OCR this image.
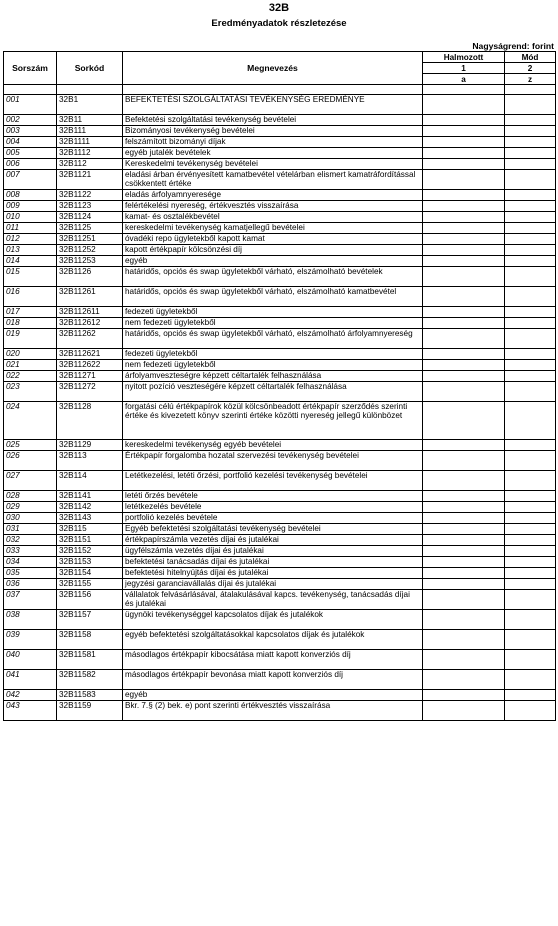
32B
Eredményadatok részletezése
Nagyságrend: forint
Sorszám	Sorkód	Megnevezés	Halmozott	Mód
			1	2
			a	z

001	32B1	BEFEKTETÉSI SZOLGÁLTATÁSI TEVÉKENYSÉG EREDMÉNYE		
002	32B11	Befektetési szolgáltatási tevékenység bevételei		
003	32B111	Bizományosi tevékenység bevételei		
004	32B1111	felszámított bizományi díjak		
005	32B1112	egyéb jutalék bevételek		
006	32B112	Kereskedelmi tevékenység bevételei		
007	32B1121	eladási árban érvényesített kamatbevétel vételárban elismert kamatráfordítással csökkentett értéke		
008	32B1122	eladás árfolyamnyeresége		
009	32B1123	felértékelési nyereség, értékvesztés visszaírása		
010	32B1124	kamat- és osztalékbevétel		
011	32B1125	kereskedelmi tevékenység kamatjellegű bevételei		
012	32B11251	óvadéki repo ügyletekből kapott kamat		
013	32B11252	kapott értékpapír kölcsönzési díj		
014	32B11253	egyéb		
015	32B1126	határidős, opciós és swap ügyletekből várható, elszámolható bevételek		
016	32B11261	határidős, opciós és swap ügyletekből várható, elszámolható kamatbevétel		
017	32B112611	fedezeti ügyletekből		
018	32B112612	nem fedezeti ügyletekből		
019	32B11262	határidős, opciós és swap ügyletekből várható, elszámolható árfolyamnyereség		
020	32B112621	fedezeti ügyletekből		
021	32B112622	nem fedezeti ügyletekből		
022	32B11271	árfolyamveszteségre képzett céltartalék felhasználása		
023	32B11272	nyitott pozíció veszteségére képzett céltartalék felhasználása		
024	32B1128	forgatási célú értékpapírok közül kölcsönbeadott értékpapír szerződés szerinti értéke és kivezetett könyv szerinti értéke közötti nyereség jellegű különbözet		
025	32B1129	kereskedelmi tevékenység egyéb bevételei		
026	32B113	Értékpapír forgalomba hozatal szervezési tevékenység bevételei		
027	32B114	Letétkezelési, letéti őrzési, portfolió kezelési tevékenység bevételei		
028	32B1141	letéti őrzés bevétele		
029	32B1142	letétkezelés bevétele		
030	32B1143	portfolió kezelés bevétele		
031	32B115	Egyéb befektetési szolgáltatási tevékenység bevételei		
032	32B1151	értékpapírszámla vezetés díjai és jutalékai		
033	32B1152	ügyfélszámla vezetés díjai és jutalékai		
034	32B1153	befektetési tanácsadás díjai és jutalékai		
035	32B1154	befektetési hitelnyújtás díjai és jutalékai		
036	32B1155	jegyzési garanciavállalás díjai és jutalékai		
037	32B1156	vállalatok felvásárlásával, átalakulásával kapcs. tevékenység, tanácsadás díjai és jutalékai		
038	32B1157	ügynöki tevékenységgel kapcsolatos díjak és jutalékok		
039	32B1158	egyéb befektetési szolgáltatásokkal kapcsolatos díjak és jutalékok		
040	32B11581	másodlagos értékpapír kibocsátása miatt kapott konverziós díj		
041	32B11582	másodlagos értékpapír bevonása miatt kapott konverziós díj		
042	32B11583	egyéb		
043	32B1159	Bkr. 7.§ (2) bek. e) pont szerinti értékvesztés visszaírása		
